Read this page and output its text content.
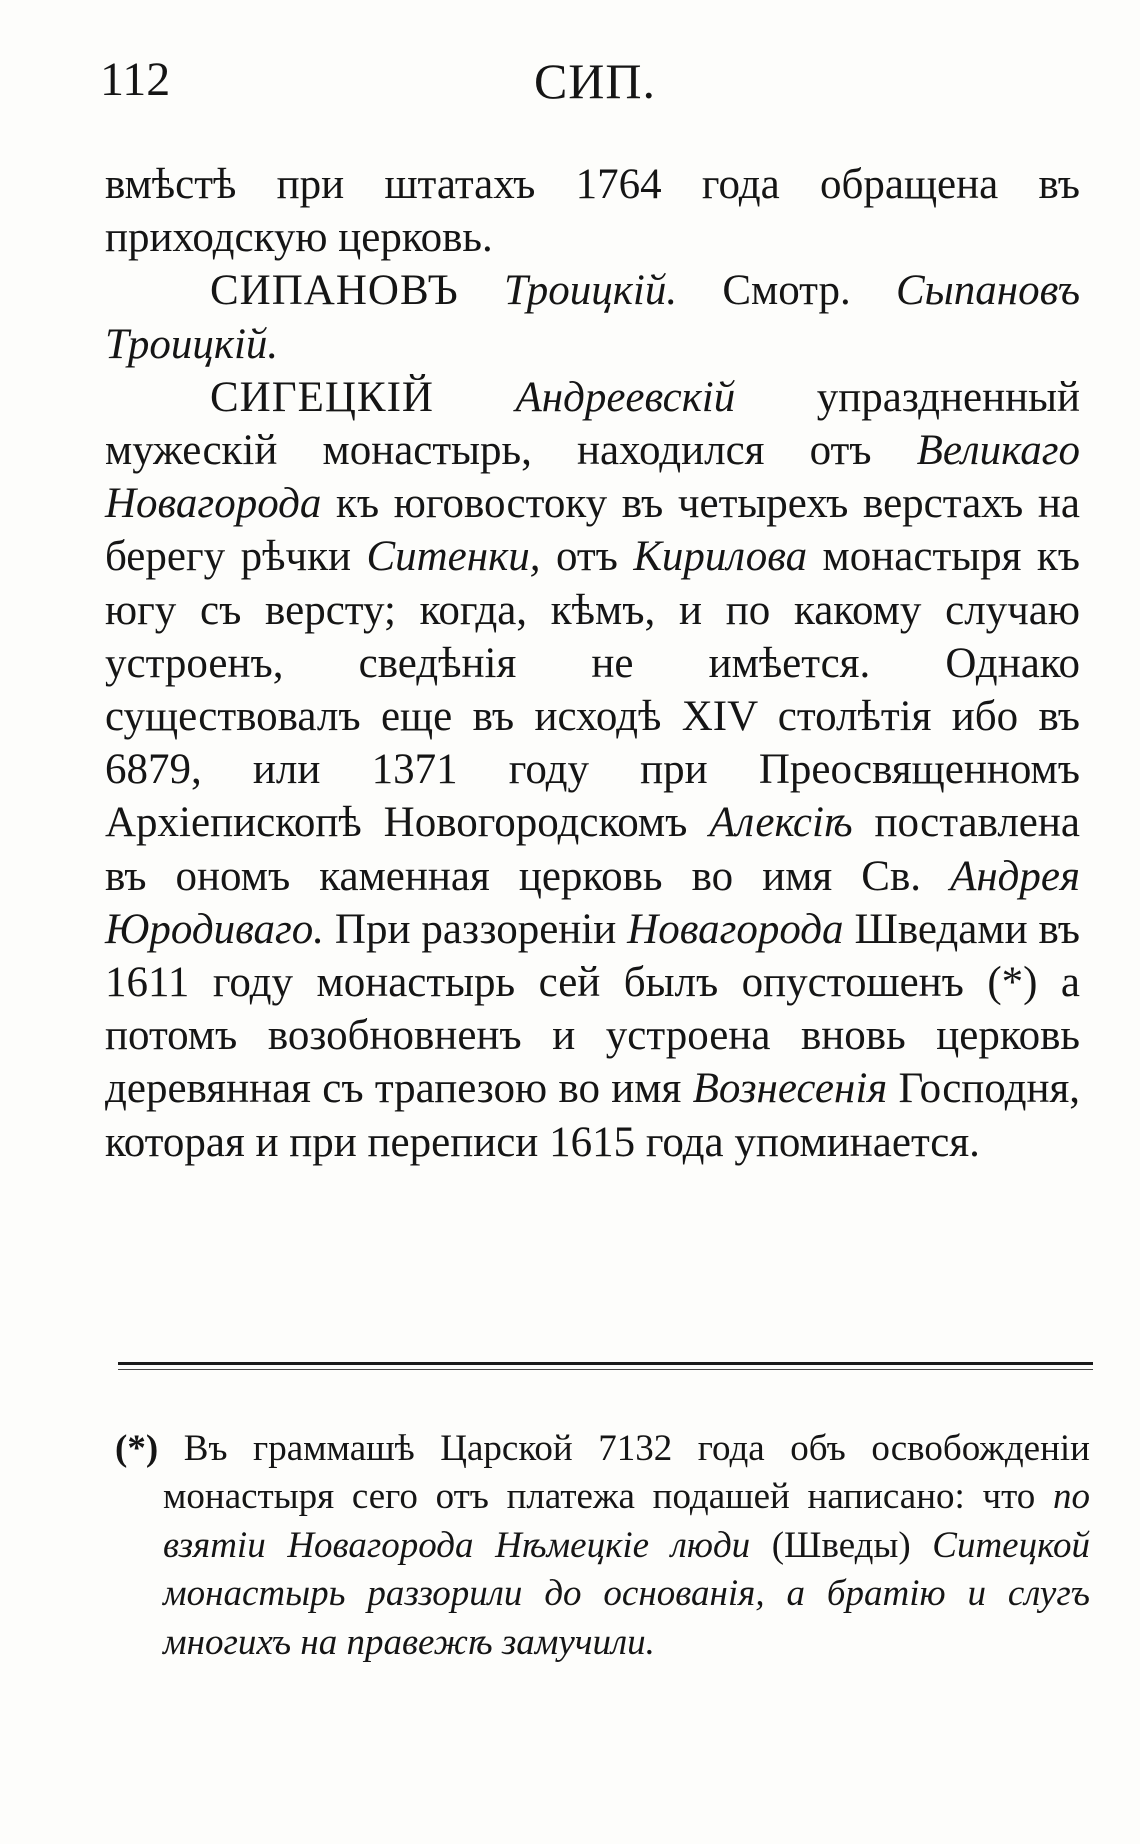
112	СИП.

вмѣстѣ при штатахъ 1764 года обращена въ приходскую церковь.

СИПАНОВЪ Троицкій. Смотр. Сыпановъ Троицкій.

СИГЕЦКІЙ Андреевскій упраздненный мужескій монастырь, находился отъ Великаго Новагорода къ юговостоку въ четырехъ верстахъ на берегу рѣчки Ситенки, отъ Кирилова монастыря къ югу съ версту; когда, кѣмъ, и по какому случаю устроенъ, сведѣнія не имѣется. Однако существовалъ еще въ исходѣ XIV столѣтія ибо въ 6879, или 1371 году при Преосвященномъ Архіепископѣ Новогородскомъ Алексіѣ поставлена въ ономъ каменная церковь во имя Св. Андрея Юродиваго. При раззореніи Новагорода Шведами въ 1611 году монастырь сей былъ опустошенъ (*) а потомъ возобновненъ и устроена вновь церковь деревянная съ трапезою во имя Вознесенія Господня, которая и при переписи 1615 года упоминается.

(*) Въ граммашѣ Царской 7132 года объ освобожденіи монастыря сего отъ платежа подашей написано: что по взятіи Новагорода Нѣмецкіе люди (Шведы) Ситецкой монастырь раззорили до основанія, а братію и слугъ многихъ на правежѣ замучили.
